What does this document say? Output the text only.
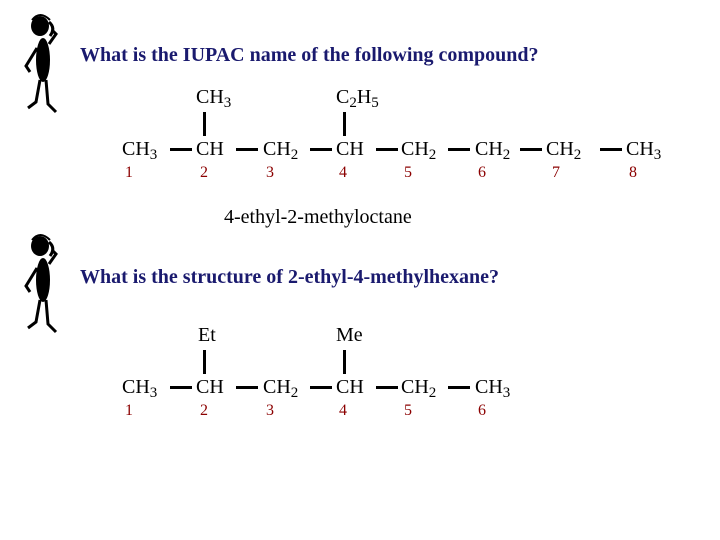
What is the IUPAC name of the following compound?
$CH_3$	$C_2H_5$
$CH_3$ CH $CH_2$ CH $CH_2$ $CH_2$ $CH_2$ $CH_3$
1	2	3	4	5	6	7	8
4-ethyl-2-methyloctane
What is the structure of 2-ethyl-4-methylhexane?
Et	Me
$CH_3$ CH $CH_2$ CH $CH_2$ $CH_3$
1	2	3	4	5	6
